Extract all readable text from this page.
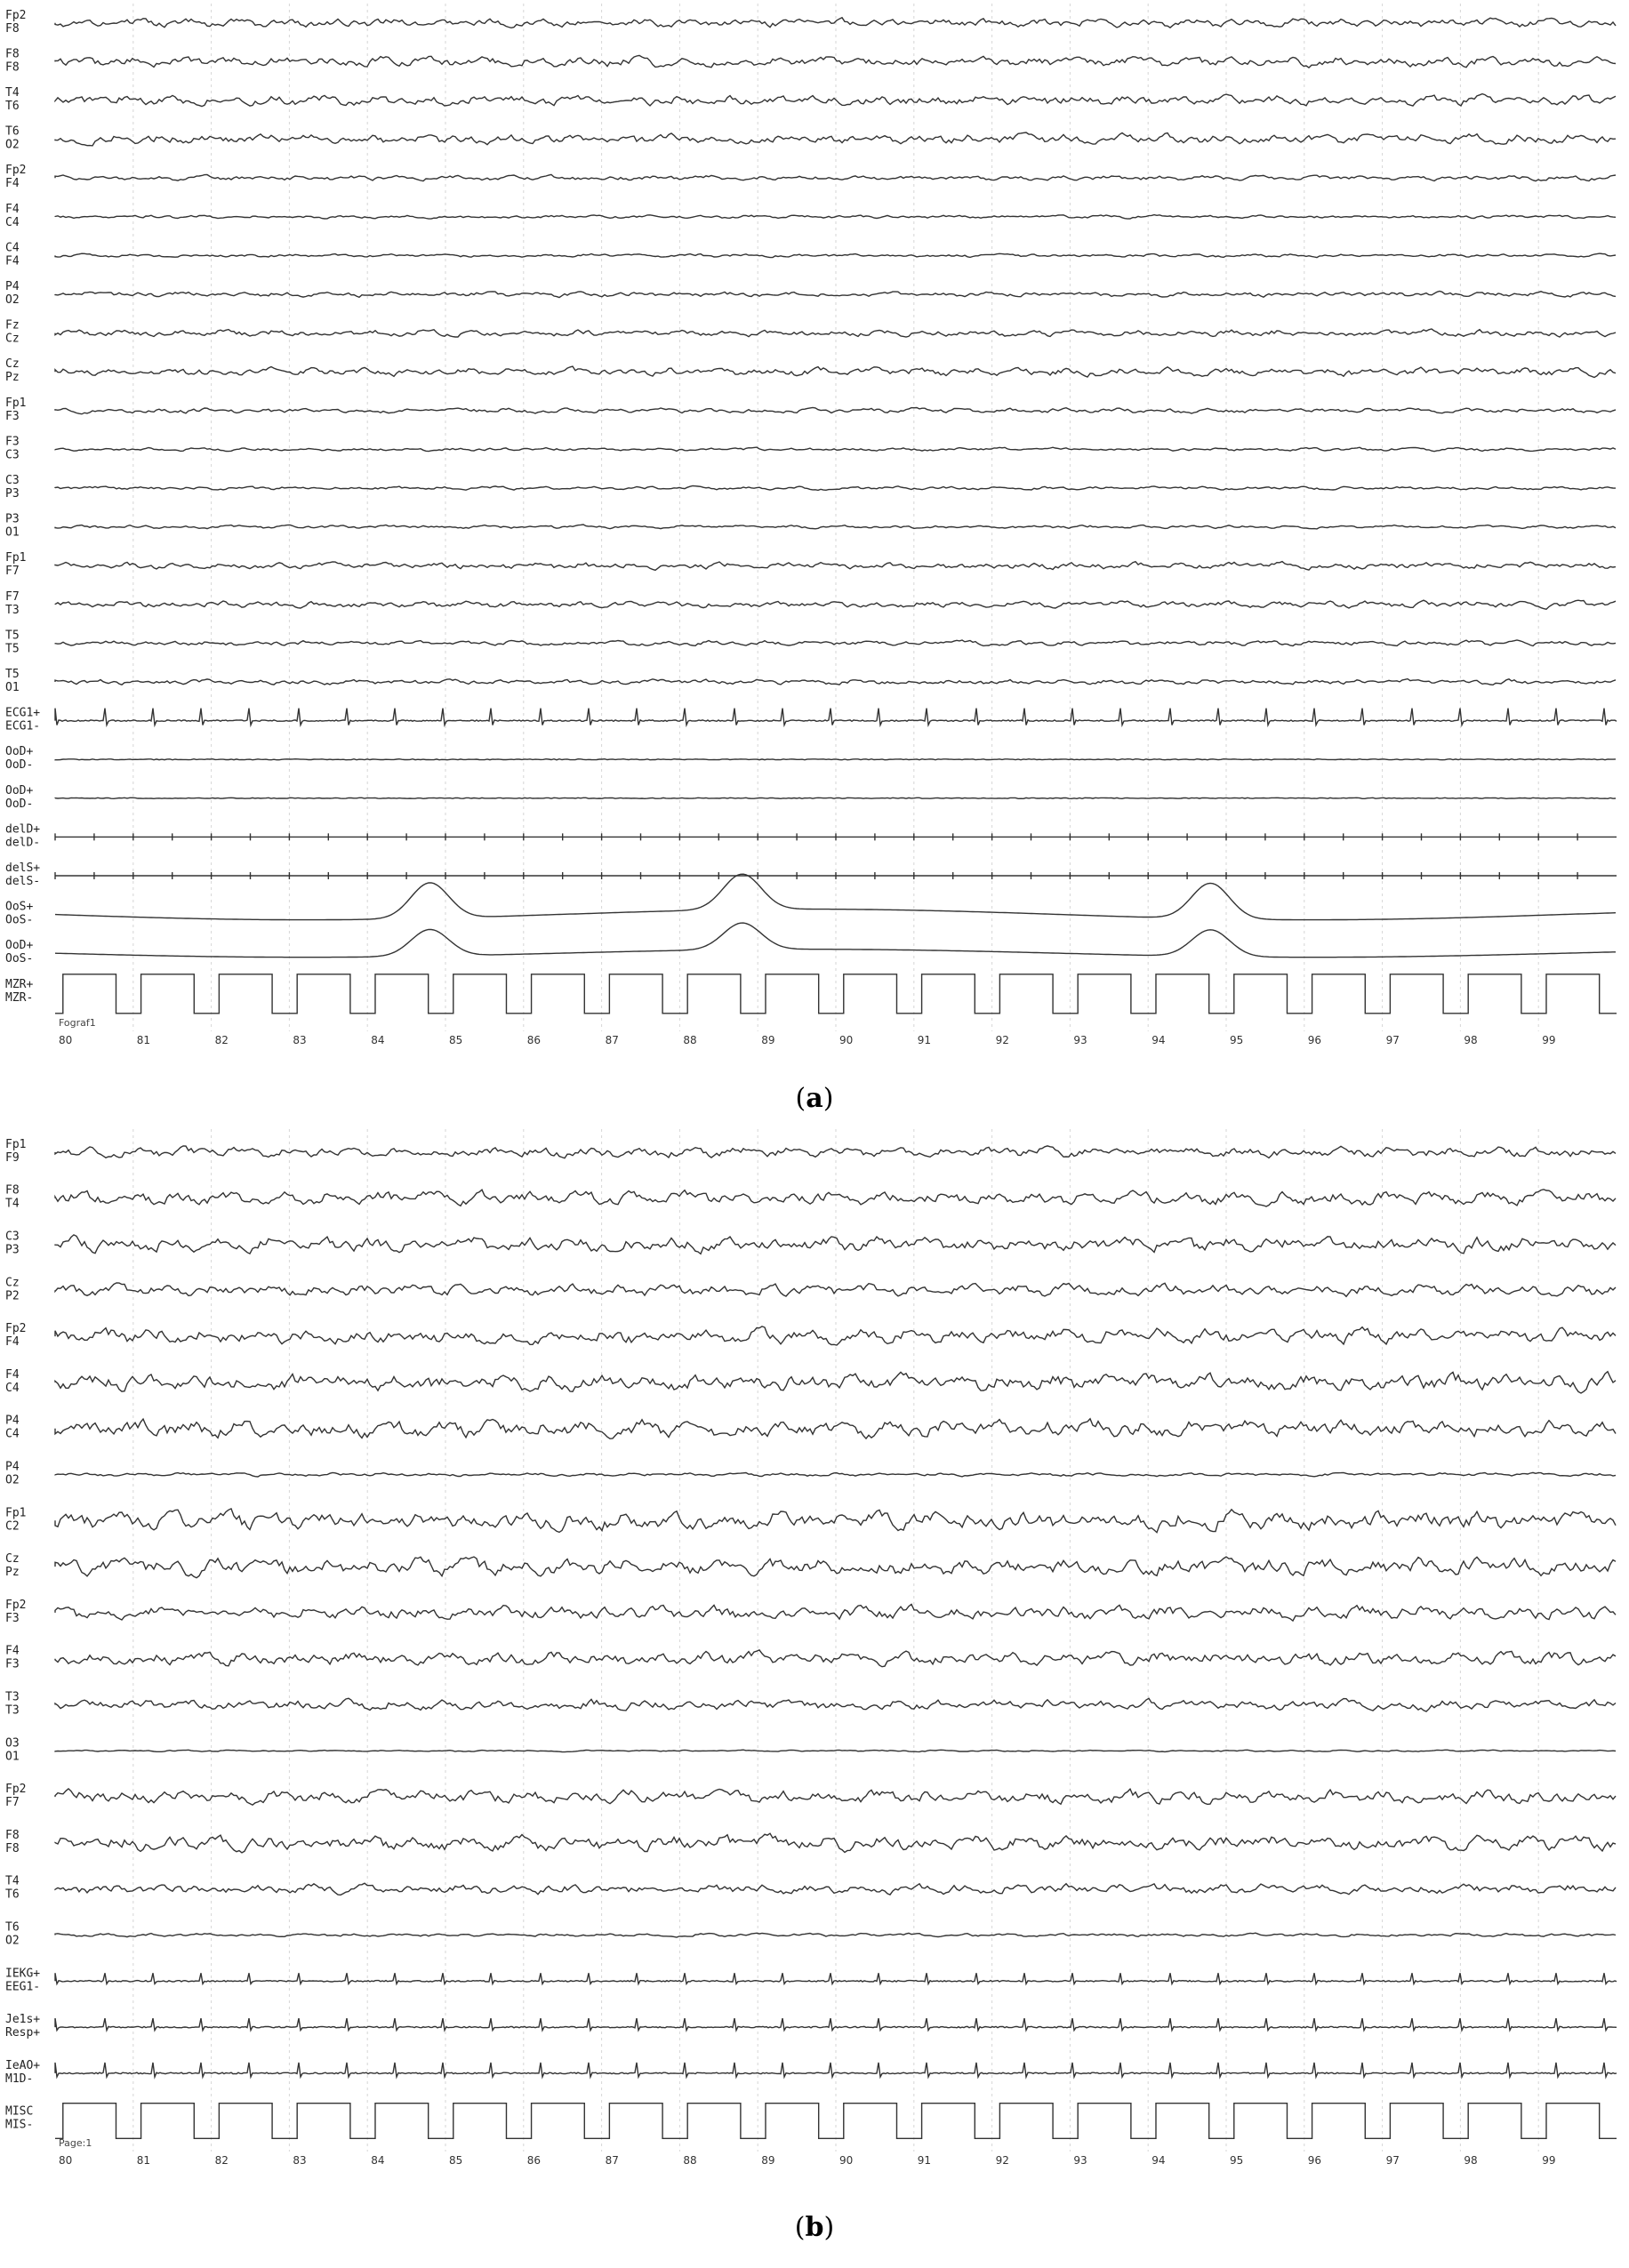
Fp2
F8
F8
F8
T4
T6
T6
O2
Fp2
F4
F4
C4
C4
F4
P4
O2
Fz
Cz
Cz
Pz
Fp1
F3
F3
C3
C3
P3
P3
O1
Fp1
F7
F7
T3
T5
T5
T5
O1
ECG1+
ECG1-
OoD+
OoD-
OoD+
OoD-
delD+
delD-
delS+
delS-
OoS+
OoS-
OoD+
OoS-
MZR+
MZR-
80	81	82	83	84	85	86	87	88	89	90	91	92	93	94	95	96	97	98	99
Fograf1
(a)
Fp1
F9
F8
T4
C3
P3
Cz
P2
Fp2
F4
F4
C4
P4
C4
P4
O2
Fp1
C2
Cz
Pz
Fp2
F3
F4
F3
T3
T3
O3
O1
Fp2
F7
F8
F8
T4
T6
T6
O2
IEKG+
EEG1-
Je1s+
Resp+
IeAO+
M1D-
MISC
MIS-
80	81	82	83	84	85	86	87	88	89	90	91	92	93	94	95	96	97	98	99
Page:1
(b)
